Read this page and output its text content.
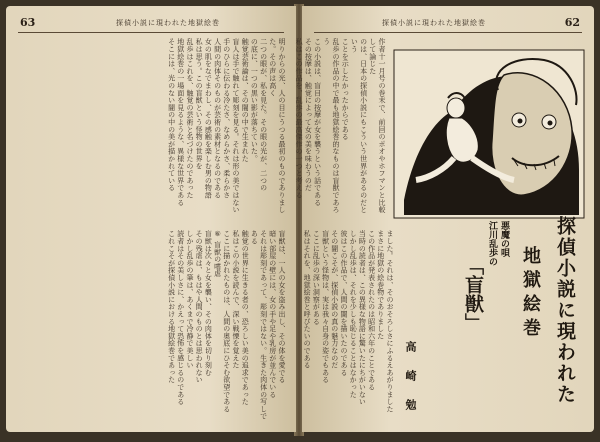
63	探偵小説に現われた地獄絵巻
明りからの光、人の目にうつる最初のものでありました。その声は高く
二つの眼が、私を見た。その眼の光が、二つの
の底に、一つの黒い影が落ちていた。
触覚芸術論は、その闇の中で生まれた
盲人は手で触れて彫刻を見る。それは形の美ではない
手のひらに伝わる冷たさ、なめらかさ、柔らかさ
人間の肉体そのものが芸術の素材となるのである
女の肌をなでまわし、その感触を楽しむ男の物語
私は思う。この盲獣という怪物の世界を
乱歩はこれを、触覚の芸術と名づけたのであった
地獄絵巻の一場面を見るような、異様な世界である
そこには、光のない闇の中の美が描かれている
盲獣は、一人の女を盗み出し、その体を愛でる
暗い部屋の壁には、女の手や足や乳房が並んでいる
それは彫刻であって、彫刻ではない。生きた肉体の写しである
触覚の世界に生きる者の、恐ろしい美の追求であった
私はこの小説を読んで、深い戦慄を覚えた
ここに描かれたものは、人間の奥底にひそむ欲望である
⑥ 盲獣の嗜虐
盲獣は次々と女を襲い、その肉体を切り刻む
その残虐は、もはや人間のものとは思われない
しかし乱歩の筆は、あくまで冷静で美しい
読者はその美しさに、かえって恐怖を感じるのである
これこそが探偵小説における地獄絵巻であった
62
探偵小説に現われた地獄絵巻
作者十一月号の巻末で、前回のポオやホフマンと比較して論じた
のは、日本の探偵小説にもこういう世界があるのだという
ことを示したかったからである
乱歩の作品の中で最も地獄絵巻的なものは盲獣であろう
この小説は、盲目の按摩が女を襲うという話である
その按摩は、触覚によって女の美を味わうのだ
私はこの作品を、乱歩の最高傑作の一つと考える
探偵小説に現われた
地獄絵巻
悪魔の唄
江川乱歩の
「盲獣」
高崎勉
ました。それは、そのおそろしさにふるえあがりました
まさに地獄の絵巻物でありました
この作品が発表されたのは昭和六年のことである
当時の読者は、この異様な物語に驚いたにちがいない
しかし乱歩は、それを少しも恥じることはなかった
彼はこの作品で、人間の闇を描いたのである
その闇こそが、探偵小説の真の魅力なのだ
盲獣という怪物は、実は我々自身の姿でもある
ここに乱歩の深い洞察がある
私はそれを、地獄絵巻と呼びたいのである
